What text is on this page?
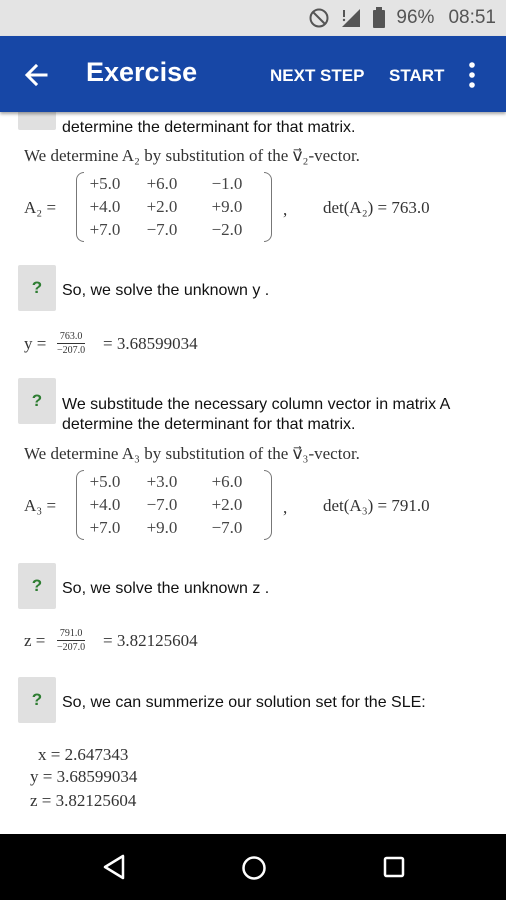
96% 08:51
Exercise	NEXT STEP START
determine the determinant for that matrix.
We determine A₂ by substitution of the v⃗₂-vector.
A₂ =
+5.0	+6.0	−1.0
+4.0	+2.0	+9.0
+7.0	−7.0	−2.0
, det(A₂) = 763.0
?	So, we solve the unknown y .
y = 763.0
−207.0 = 3.68599034
?	We substitude the necessary column vector in matrix A
determine the determinant for that matrix.
We determine A₃ by substitution of the v⃗₃-vector.
A₃ =
+5.0	+3.0	+6.0
+4.0	−7.0	+2.0
+7.0	+9.0	−7.0
, det(A₃) = 791.0
?	So, we solve the unknown z .
z = 791.0
−207.0 = 3.82125604
?	So, we can summerize our solution set for the SLE:
x = 2.647343
y = 3.68599034
z = 3.82125604
